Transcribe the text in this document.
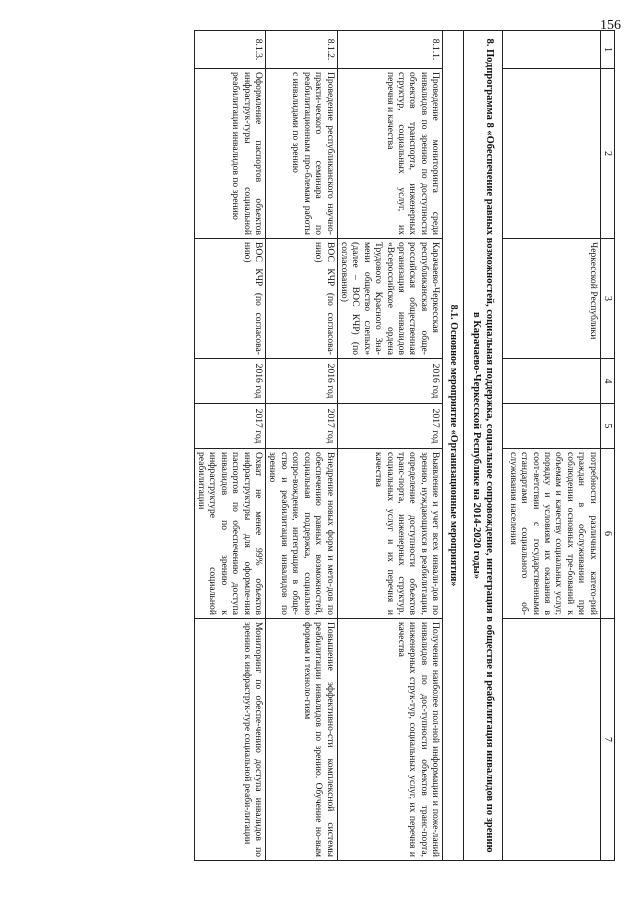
156
1	2	3	4	5	6	7
		Черкесской Республики			потребности различных катего-рий граждан в обслуживании при соблюдении основных тре-бований к объемам и качеству социальных услуг, порядку и условиям их оказания в соот-ветствии с государственными стандартами социального об-служивания населения	
8. Подпрограмма 8 «Обеспечение равных возможностей, социальная поддержка, социальное сопровождение, интеграция в обществе и реабилитация инвалидов по зрению в Карачаево-Черкесской Республике на 2014-2020 годы»						
8.1. Основное мероприятие «Организационные мероприятия»						
8.1.1.	Проведение мониторинга среди инвалидов по зрению по доступности объектов транспорта, инженерных структур, социальных услуг, их перечня и качества	Карачаево-Черкесская республиканская обще-российская общественная организация инвалидов «Всероссийское ордена Трудового Красного Зна-мени общество слепых» (далее – ВОС КЧР) (по согласованию)	2016 год	2017 год	Выявление и учет всех инвали-дов по зрению, нуждающихся в реабилитации, определение доступности объектов транс-порта, инженерных структур, социальных услуг и их перечня и качества	Получение наиболее пол-ной информации и поже-ланий инвалидов по дос-тупности объектов транс-порта, инженерных струк-тур, социальных услуг, их перечня и качества
8.1.2.	Проведение республиканского научно-практи-ческого семинара по реабилитационным про-блемам работы с инвалидами по зрению	ВОС КЧР (по согласова-нию)	2016 год	2017 год	Внедрение новых форм и мето-дов по обеспечению равных возможностей, социальная поддержка, социально сопро-вождение, интеграция в обще-ство и реабилитация инвалидов по зрению	Повышение эффективно-сти комплексной системы реабилитации инвалидов по зрению. Обучение но-вым формам и техноло-гиям
8.1.3.	Оформление паспортов объектов инфраструк-туры социальной реабилитации инвалидов по зрению	ВОС КЧР (по согласова-нию)	2016 год	2017 год	Охват не менее 99% объектов инфраструктуры для оформле-ния паспортов по обеспечению доступа инвалидов по зрению к инфраструктуре социальной реабилитации	Мониторинг по обеспе-чению доступа инвалидов по зрению к инфраструк-туре социальной реаби-литации
